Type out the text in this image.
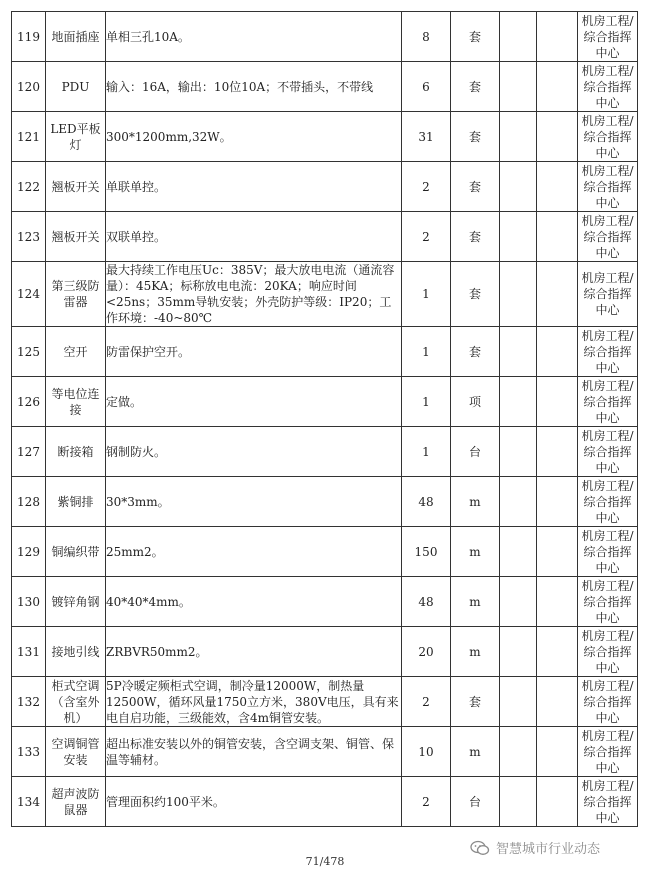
119	地面插座	单相三孔10A。	8	套			机房工程/综合指挥中心
120	PDU	输入：16A，输出：10位10A；不带插头，不带线	6	套			机房工程/综合指挥中心
121	LED平板灯	300*1200mm,32W。	31	套			机房工程/综合指挥中心
122	翘板开关	单联单控。	2	套			机房工程/综合指挥中心
123	翘板开关	双联单控。	2	套			机房工程/综合指挥中心
124	第三级防雷器	最大持续工作电压Uc：385V；最大放电电流（通流容量）：45KA；标称放电电流：20KA；响应时间<25ns；35mm导轨安装；外壳防护等级：IP20；工作环境：-40~80℃	1	套			机房工程/综合指挥中心
125	空开	防雷保护空开。	1	套			机房工程/综合指挥中心
126	等电位连接	定做。	1	项			机房工程/综合指挥中心
127	断接箱	钢制防火。	1	台			机房工程/综合指挥中心
128	紫铜排	30*3mm。	48	m			机房工程/综合指挥中心
129	铜编织带	25mm2。	150	m			机房工程/综合指挥中心
130	镀锌角钢	40*40*4mm。	48	m			机房工程/综合指挥中心
131	接地引线	ZRBVR50mm2。	20	m			机房工程/综合指挥中心
132	柜式空调（含室外机）	5P冷暖定频柜式空调，制冷量12000W，制热量12500W，循环风量1750立方米，380V电压，具有来电自启功能，三级能效，含4m铜管安装。	2	套			机房工程/综合指挥中心
133	空调铜管安装	超出标准安装以外的铜管安装，含空调支架、铜管、保温等辅材。	10	m			机房工程/综合指挥中心
134	超声波防鼠器	管理面积约100平米。	2	台			机房工程/综合指挥中心
智慧城市行业动态
71/478
